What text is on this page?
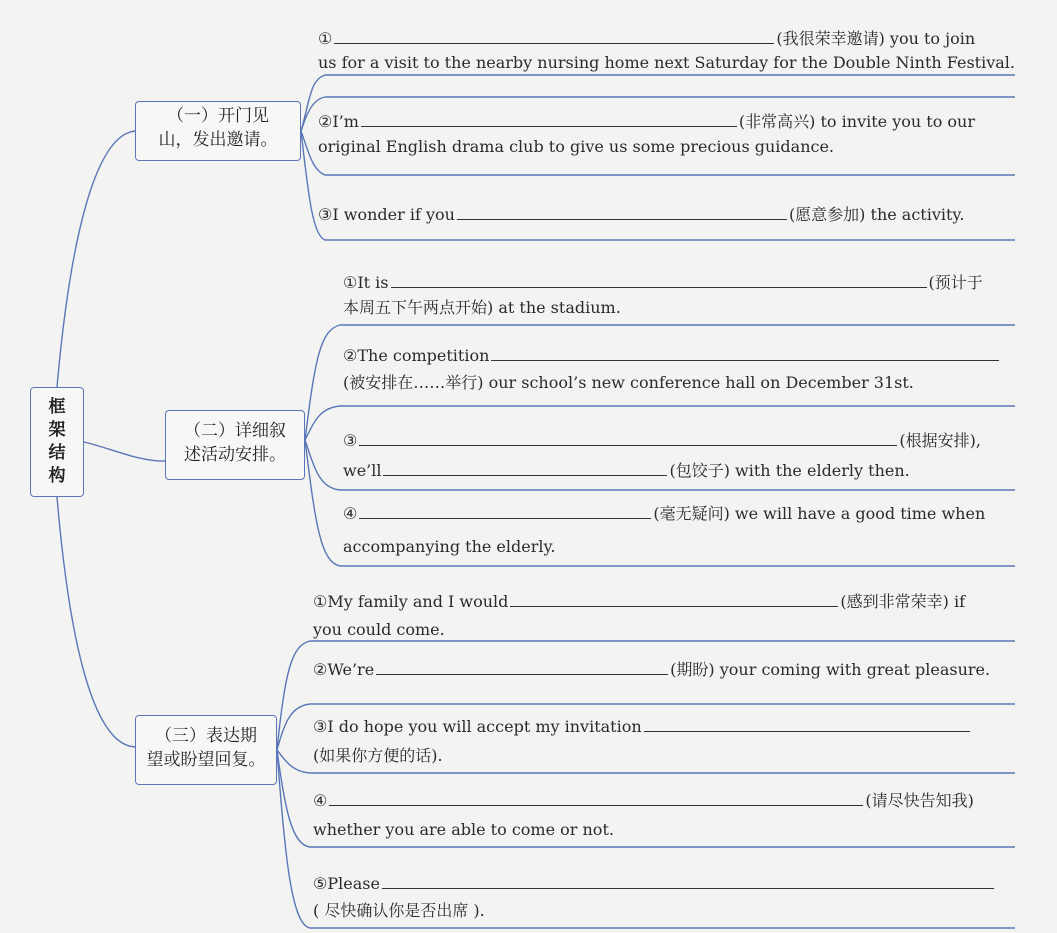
框
架
结
构
（一）开门见
山，发出邀请。
（二）详细叙
述活动安排。
（三）表达期
望或盼望回复。
①	(我很荣幸邀请) you to join
us for a visit to the nearby nursing home next Saturday for the Double Ninth Festival.
②I’m	(非常高兴) to invite you to our
original English drama club to give us some precious guidance.
③I wonder if you	(愿意参加) the activity.
①It is	(预计于
本周五下午两点开始) at the stadium.
②The competition
(被安排在……举行) our school’s new conference hall on December 31st.
③	(根据安排),
we’ll	(包饺子) with the elderly then.
④	(毫无疑问) we will have a good time when
accompanying the elderly.
①My family and I would	(感到非常荣幸) if
you could come.
②We’re	(期盼) your coming with great pleasure.
③I do hope you will accept my invitation
(如果你方便的话).
④	(请尽快告知我)
whether you are able to come or not.
⑤Please
( 尽快确认你是否出席 ).
